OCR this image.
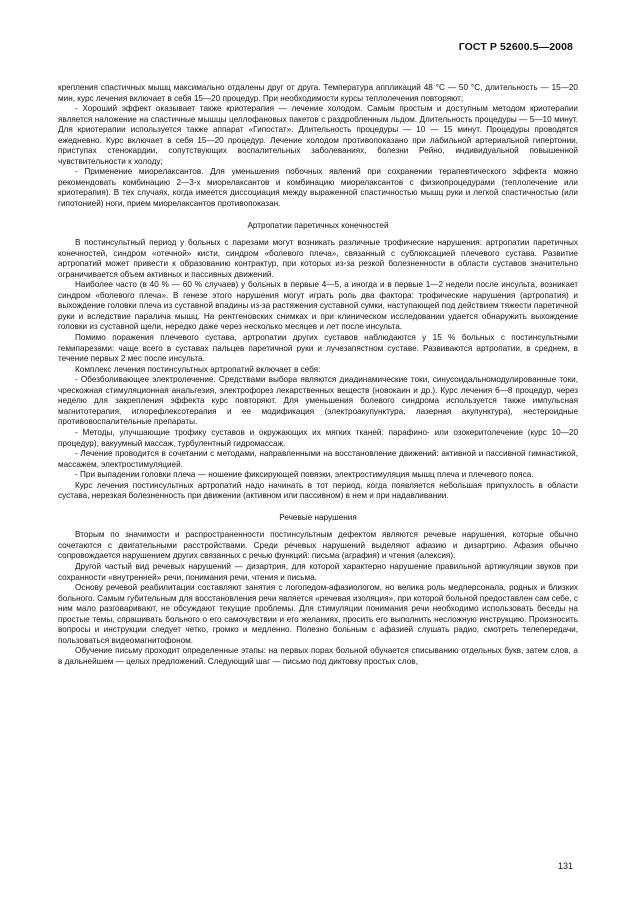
ГОСТ Р 52600.5—2008

крепления спастичных мышц максимально отдалены друг от друга. Температура аппликаций 48 °C — 50 °C, длительность — 15—20 мин, курс лечения включает в себя 15—20 процедур. При необходимости курсы теплолечения повторяют;

- Хороший эффект оказывает также криотерапия — лечение холодом. Самым простым и доступным методом криотерапии является наложение на спастичные мышцы целлофановых пакетов с раздробленным льдом. Длительность процедуры — 5—10 минут. Для криотерапии используется также аппарат «Гипостат». Длительность процедуры — 10 — 15 минут. Процедуры проводятся ежедневно. Курс включает в себя 15—20 процедур. Лечение холодом противопоказано при лабильной артериальной гипертонии, приступах стенокардии, сопутствующих воспалительных заболеваниях, болезни Рейно, индивидуальной повышенной чувствительности к холоду;

- Применение миорелаксантов. Для уменьшения побочных явлений при сохранении терапевтического эффекта можно рекомендовать комбинацию 2—3-х миорелаксантов и комбинацию миорелаксантов с физиопроцедурами (теплолечение или криотерапия). В тех случаях, когда имеется диссоциация между выраженной спастичностью мышц руки и легкой спастичностью (или гипотонией) ноги, прием миорелаксантов противопоказан.

Артропатии паретичных конечностей

В постинсультный период у больных с парезами могут возникать различные трофические нарушения: артропатии паретичных конечностей, синдром «отечной» кисти, синдром «болевого плеча», связанный с сублюксацией плечевого сустава. Развитие артропатий может привести к образованию контрактур, при которых из-за резкой болезненности в области суставов значительно ограничивается объем активных и пассивных движений.

Наиболее часто (в 40 % — 60 % случаев) у больных в первые 4—5, а иногда и в первые 1—2 недели после инсульта, возникает синдром «болевого плеча». В генезе этого нарушения могут играть роль два фактора: трофические нарушения (артропатия) и выхождение головки плеча из суставной впадины из-за растяжения суставной сумки, наступающей под действием тяжести паретичной руки и вследствие паралича мышц. На рентгеновских снимках и при клиническом исследовании удается обнаружить выхождение головки из суставной щели, нередко даже через несколько месяцев и лет после инсульта.

Помимо поражения плечевого сустава, артропатии других суставов наблюдаются у 15 % больных с постинсультными гемипарезами: чаще всего в суставах пальцев паретичной руки и лучезапястном суставе. Развиваются артропатии, в среднем, в течение первых 2 мес после инсульта.

Комплекс лечения постинсультных артропатий включает в себя:

- Обезболивающее электролечение. Средствами выбора являются диадинамические токи, синусоидальномодулированные токи, чрескожная стимуляционная анальгезия, электрофорез лекарственных веществ (новокаин и др.). Курс лечения 6—8 процедур, через неделю для закрепления эффекта курс повторяют. Для уменьшения болевого синдрома используется также импульсная магнитотерапия, иглорефлексотерапия и ее модификация (электроакупунктура, лазерная акупунктура), нестероидные противовоспалительные препараты.

- Методы, улучшающие трофику суставов и окружающих их мягких тканей: парафино- или озокеритолечение (курс 10—20 процедур), вакуумный массаж, турбулентный гидромассаж.

- Лечение проводится в сочетании с методами, направленными на восстановление движений: активной и пассивной гимнастикой, массажем, электростимуляцией.

- При выпадении головки плеча — ношение фиксирующей повязки, электростимуляция мышц плеча и плечевого пояса.

Курс лечения постинсультных артропатий надо начинать в тот период, когда появляется небольшая припухлость в области сустава, нерезкая болезненность при движении (активном или пассивном) в нем и при надавливании.

Речевые нарушения

Вторым по значимости и распространенности постинсультным дефектом являются речевые нарушения, которые обычно сочетаются с двигательными расстройствами. Среди речевых нарушений выделяют афазию и дизартрию. Афазия обычно сопровождается нарушением других связанных с речью функций: письма (аграфия) и чтения (алексия).

Другой частый вид речевых нарушений — дизартрия, для которой характерно нарушение правильной артикуляции звуков при сохранности «внутренней» речи, понимания речи, чтения и письма.

Основу речевой реабилитации составляют занятия с логопедом-афазиологом, но велика роль медперсонала, родных и близких больного. Самым губительным для восстановления речи является «речевая изоляция», при которой больной предоставлен сам себе, с ним мало разговаривают, не обсуждают текущие проблемы. Для стимуляции понимания речи необходимо использовать беседы на простые темы, спрашивать больного о его самочувствии и его желаниях, просить его выполнить несложную инструкцию. Произносить вопросы и инструкции следует четко, громко и медленно. Полезно больным с афазией слушать радио, смотреть телепередачи, пользоваться видеомагнитофоном.

Обучение письму проходит определенные этапы: на первых порах больной обучается списыванию отдельных букв, затем слов, а в дальнейшем — целых предложений. Следующий шаг — письмо под диктовку простых слов,

131
